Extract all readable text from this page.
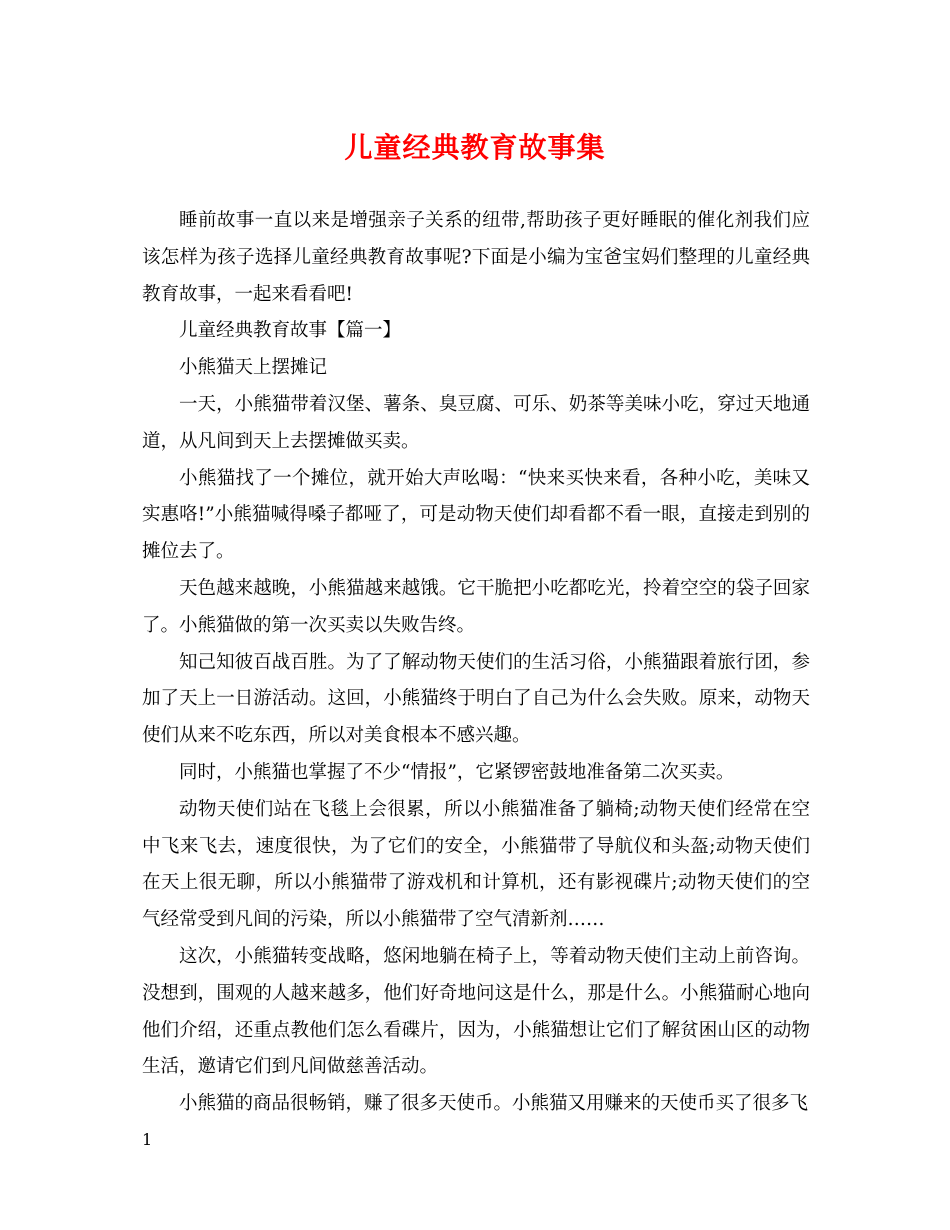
儿童经典教育故事集

睡前故事一直以来是增强亲子关系的纽带,帮助孩子更好睡眠的催化剂我们应该怎样为孩子选择儿童经典教育故事呢?下面是小编为宝爸宝妈们整理的儿童经典教育故事，一起来看看吧!

儿童经典教育故事【篇一】

小熊猫天上摆摊记

一天，小熊猫带着汉堡、薯条、臭豆腐、可乐、奶茶等美味小吃，穿过天地通道，从凡间到天上去摆摊做买卖。

小熊猫找了一个摊位，就开始大声吆喝：“快来买快来看，各种小吃，美味又实惠咯!”小熊猫喊得嗓子都哑了，可是动物天使们却看都不看一眼，直接走到别的摊位去了。

天色越来越晚，小熊猫越来越饿。它干脆把小吃都吃光，拎着空空的袋子回家了。小熊猫做的第一次买卖以失败告终。

知己知彼百战百胜。为了了解动物天使们的生活习俗，小熊猫跟着旅行团，参加了天上一日游活动。这回，小熊猫终于明白了自己为什么会失败。原来，动物天使们从来不吃东西，所以对美食根本不感兴趣。

同时，小熊猫也掌握了不少“情报”，它紧锣密鼓地准备第二次买卖。

动物天使们站在飞毯上会很累，所以小熊猫准备了躺椅;动物天使们经常在空中飞来飞去，速度很快，为了它们的安全，小熊猫带了导航仪和头盔;动物天使们在天上很无聊，所以小熊猫带了游戏机和计算机，还有影视碟片;动物天使们的空气经常受到凡间的污染，所以小熊猫带了空气清新剂……

这次，小熊猫转变战略，悠闲地躺在椅子上，等着动物天使们主动上前咨询。没想到，围观的人越来越多，他们好奇地问这是什么，那是什么。小熊猫耐心地向他们介绍，还重点教他们怎么看碟片，因为，小熊猫想让它们了解贫困山区的动物生活，邀请它们到凡间做慈善活动。

小熊猫的商品很畅销，赚了很多天使币。小熊猫又用赚来的天使币买了很多飞

1
